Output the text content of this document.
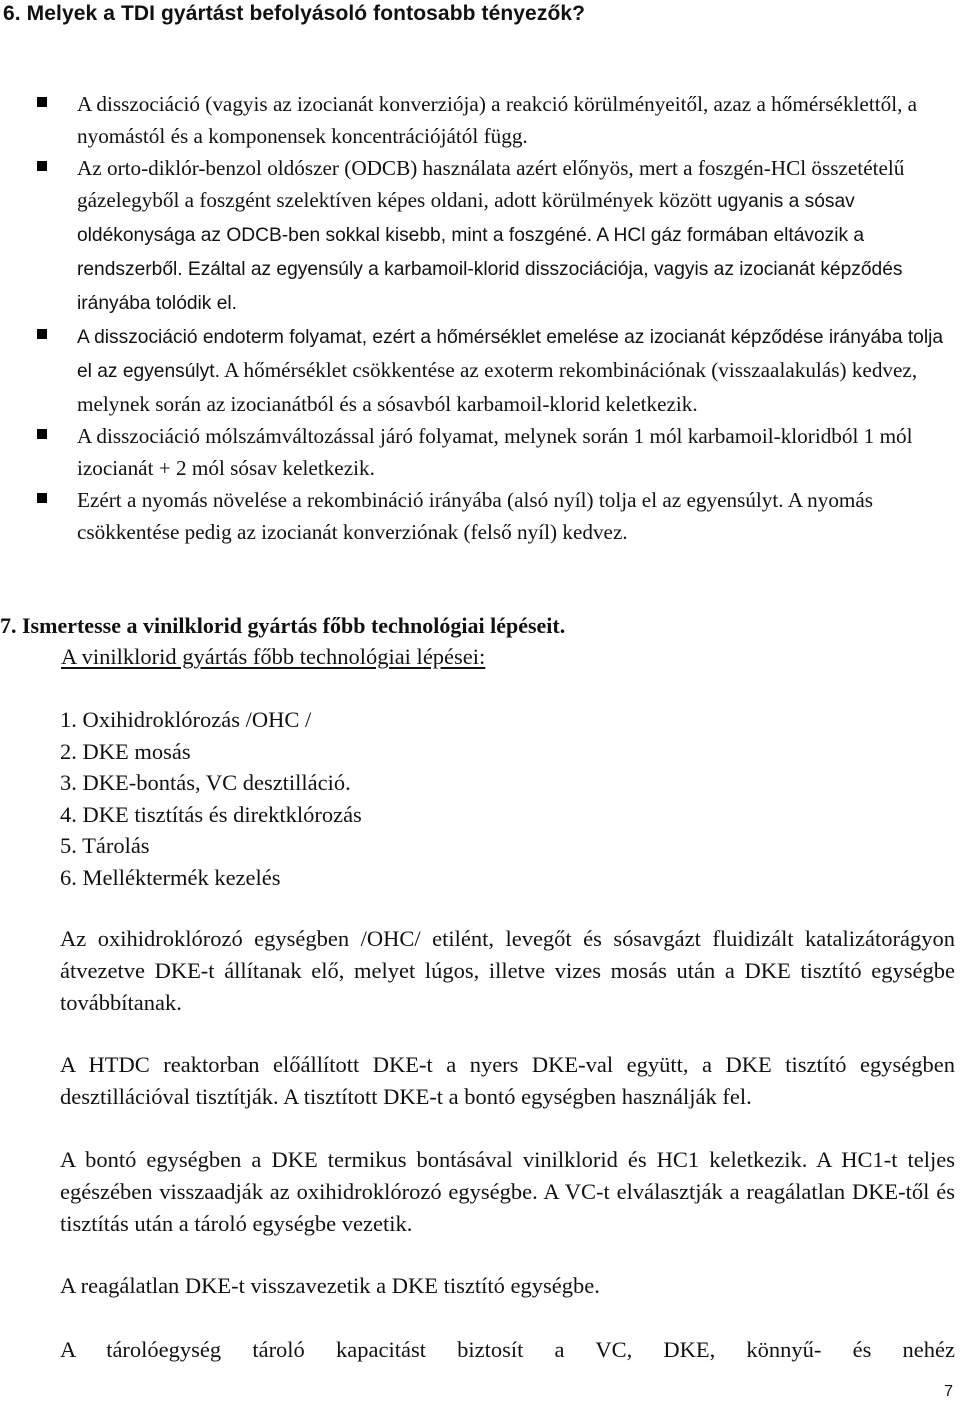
6. Melyek a TDI gyártást befolyásoló fontosabb tényezők?
A disszociáció (vagyis az izocianát konverziója) a reakció körülményeitől, azaz a hőmérséklettől, a nyomástól és a komponensek koncentrációjától függ.
Az orto-diklór-benzol oldószer (ODCB) használata azért előnyös, mert a foszgén-HCl összetételű gázelegyből a foszgént szelektíven képes oldani, adott körülmények között ugyanis a sósav oldékonysága az ODCB-ben sokkal kisebb, mint a foszgéné. A HCl gáz formában eltávozik a rendszerből. Ezáltal az egyensúly a karbamoil-klorid disszociációja, vagyis az izocianát képződés irányába tolódik el.
A disszociáció endoterm folyamat, ezért a hőmérséklet emelése az izocianát képződése irányába tolja el az egyensúlyt. A hőmérséklet csökkentése az exoterm rekombinációnak (visszaalakulás) kedvez, melynek során az izocianátból és a sósavból karbamoil-klorid keletkezik.
A disszociáció mólszámváltozással járó folyamat, melynek során 1 mól karbamoil-kloridból 1 mól izocianát + 2 mól sósav keletkezik.
Ezért a nyomás növelése a rekombináció irányába (alsó nyíl) tolja el az egyensúlyt. A nyomás csökkentése pedig az izocianát konverziónak (felső nyíl) kedvez.
7. Ismertesse a vinilklorid gyártás főbb technológiai lépéseit.
A vinilklorid gyártás főbb technológiai lépései:
1. Oxihidroklórozás /OHC /
2. DKE mosás
3. DKE-bontás, VC desztilláció.
4. DKE tisztítás és direktklórozás
5. Tárolás
6. Melléktermék kezelés

Az oxihidroklórozó egységben /OHC/ etilént, levegőt és sósavgázt fluidizált katalizátorágyon átvezetve DKE-t állítanak elő, melyet lúgos, illetve vizes mosás után a DKE tisztító egységbe továbbítanak.

A HTDC reaktorban előállított DKE-t a nyers DKE-val együtt, a DKE tisztító egységben desztillációval tisztítják. A tisztított DKE-t a bontó egységben használják fel.

A bontó egységben a DKE termikus bontásával vinilklorid és HC1 keletkezik. A HC1-t teljes egészében visszaadják az oxihidroklórozó egységbe. A VC-t elválasztják a reagálatlan DKE-től és tisztítás után a tároló egységbe vezetik.

A reagálatlan DKE-t visszavezetik a DKE tisztító egységbe.

A tárolóegység tároló kapacitást biztosít a VC, DKE, könnyű- és nehéz

7
